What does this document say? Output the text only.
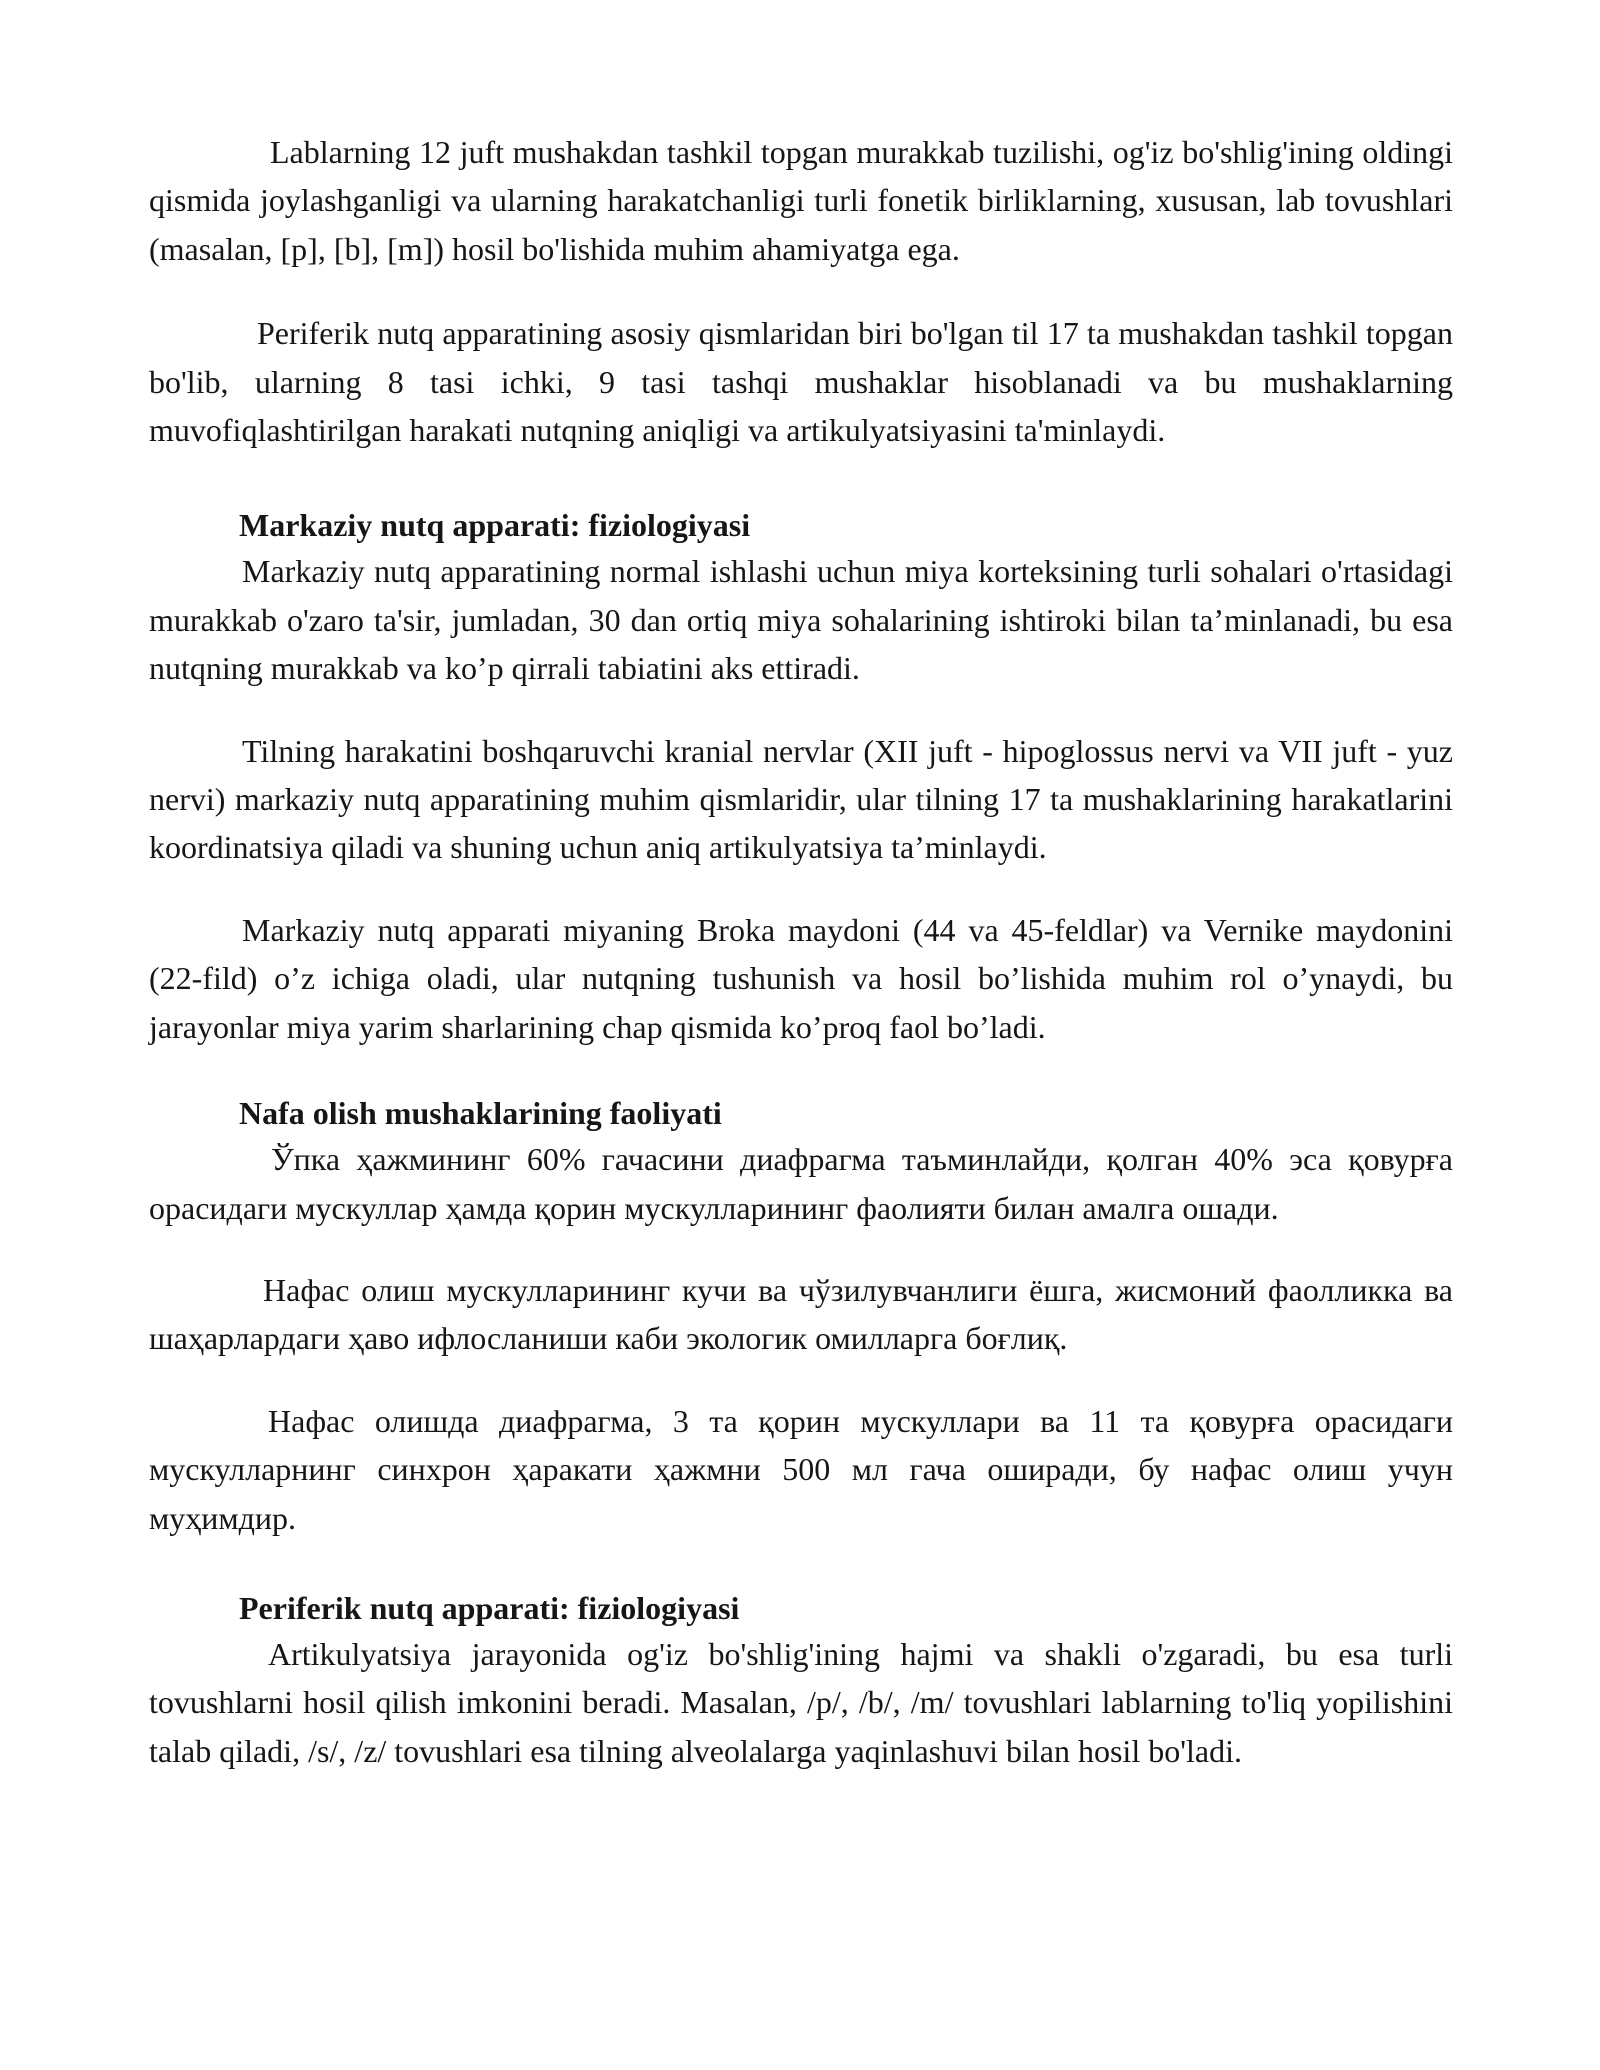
Lablarning 12 juft mushakdan tashkil topgan murakkab tuzilishi, og'iz bo'shlig'ining oldingi qismida joylashganligi va ularning harakatchanligi turli fonetik birliklarning, xususan, lab tovushlari (masalan, [p], [b], [m]) hosil bo'lishida muhim ahamiyatga ega.

Periferik nutq apparatining asosiy qismlaridan biri bo'lgan til 17 ta mushakdan tashkil topgan bo'lib, ularning 8 tasi ichki, 9 tasi tashqi mushaklar hisoblanadi va bu mushaklarning muvofiqlashtirilgan harakati nutqning aniqligi va artikulyatsiyasini ta'minlaydi.

Markaziy nutq apparati: fiziologiyasi

Markaziy nutq apparatining normal ishlashi uchun miya korteksining turli sohalari o'rtasidagi murakkab o'zaro ta'sir, jumladan, 30 dan ortiq miya sohalarining ishtiroki bilan ta’minlanadi, bu esa nutqning murakkab va ko’p qirrali tabiatini aks ettiradi.

Tilning harakatini boshqaruvchi kranial nervlar (XII juft - hipoglossus nervi va VII juft - yuz nervi) markaziy nutq apparatining muhim qismlaridir, ular tilning 17 ta mushaklarining harakatlarini koordinatsiya qiladi va shuning uchun aniq artikulyatsiya ta’minlaydi.

Markaziy nutq apparati miyaning Broka maydoni (44 va 45-feldlar) va Vernike maydonini (22-fild) o’z ichiga oladi, ular nutqning tushunish va hosil bo’lishida muhim rol o’ynaydi, bu jarayonlar miya yarim sharlarining chap qismida ko’proq faol bo’ladi.

Nafa olish mushaklarining faoliyati

Ўпка ҳажмининг 60% гачасини диафрагма таъминлайди, қолган 40% эса қовурға орасидаги мускуллар ҳамда қорин мускулларининг фаолияти билан амалга ошади.

Нафас олиш мускулларининг кучи ва чўзилувчанлиги ёшга, жисмоний фаолликка ва шаҳарлардаги ҳаво ифлосланиши каби экологик омилларга боғлиқ.

Нафас олишда диафрагма, 3 та қорин мускуллари ва 11 та қовурға орасидаги мускулларнинг синхрон ҳаракати ҳажмни 500 мл гача оширади, бу нафас олиш учун муҳимдир.

Periferik nutq apparati: fiziologiyasi

Artikulyatsiya jarayonida og'iz bo'shlig'ining hajmi va shakli o'zgaradi, bu esa turli tovushlarni hosil qilish imkonini beradi. Masalan, /p/, /b/, /m/ tovushlari lablarning to'liq yopilishini talab qiladi, /s/, /z/ tovushlari esa tilning alveolalarga yaqinlashuvi bilan hosil bo'ladi.
